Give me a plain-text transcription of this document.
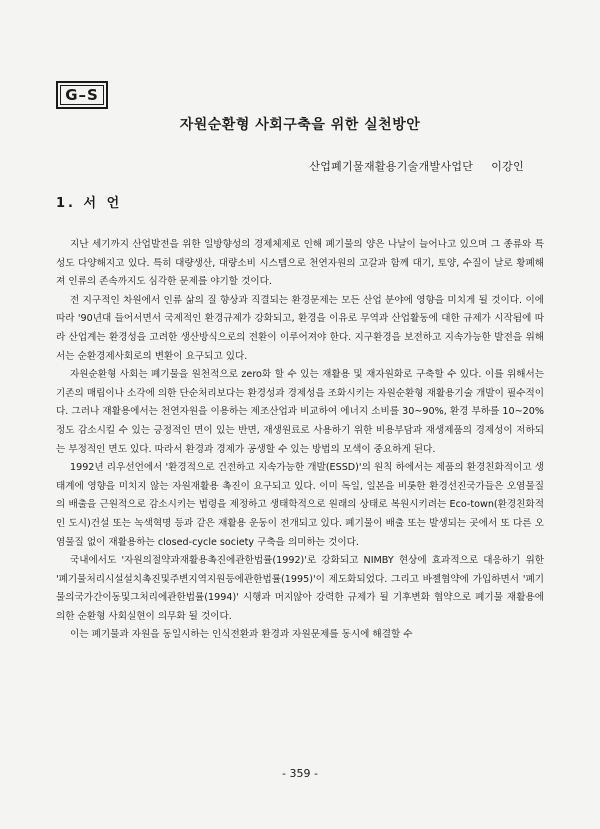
G–S
자원순환형 사회구축을 위한 실천방안
산업폐기물재활용기술개발사업단 이강인
1. 서 언

지난 세기까지 산업발전을 위한 일방향성의 경제체제로 인해 폐기물의 양은 나날이 늘어나고 있으며 그 종류와 특성도 다양해지고 있다. 특히 대량생산, 대량소비 시스템으로 천연자원의 고갈과 함께 대기, 토양, 수질이 날로 황폐해져 인류의 존속까지도 심각한 문제를 야기할 것이다.

전 지구적인 차원에서 인류 삶의 질 향상과 직결되는 환경문제는 모든 산업 분야에 영향을 미치게 될 것이다. 이에 따라 '90년대 들어서면서 국제적인 환경규제가 강화되고, 환경을 이유로 무역과 산업활동에 대한 규제가 시작됨에 따라 산업계는 환경성을 고려한 생산방식으로의 전환이 이루어져야 한다. 지구환경을 보전하고 지속가능한 발전을 위해서는 순환경제사회로의 변환이 요구되고 있다.

자원순환형 사회는 폐기물을 원천적으로 zero화 할 수 있는 재활용 및 재자원화로 구축할 수 있다. 이를 위해서는 기존의 매립이나 소각에 의한 단순처리보다는 환경성과 경제성을 조화시키는 자원순환형 재활용기술 개발이 필수적이다. 그러나 재활용에서는 천연자원을 이용하는 제조산업과 비교하여 에너지 소비를 30~90%, 환경 부하를 10~20% 정도 감소시킬 수 있는 긍정적인 면이 있는 반면, 재생원료로 사용하기 위한 비용부담과 재생제품의 경제성이 저하되는 부정적인 면도 있다. 따라서 환경과 경제가 공생할 수 있는 방법의 모색이 중요하게 된다.

1992년 리우선언에서 '환경적으로 건전하고 지속가능한 개발(ESSD)'의 원칙 하에서는 제품의 환경친화적이고 생태계에 영향을 미치지 않는 자원재활용 촉진이 요구되고 있다. 이미 독일, 일본을 비롯한 환경선진국가들은 오염물질의 배출을 근원적으로 감소시키는 법령을 제정하고 생태학적으로 원래의 상태로 복원시키려는 Eco-town(환경친화적인 도시)건설 또는 녹색혁명 등과 같은 재활용 운동이 전개되고 있다. 폐기물이 배출 또는 발생되는 곳에서 또 다른 오염물질 없이 재활용하는 closed-cycle society 구축을 의미하는 것이다.

국내에서도 '자원의절약과재활용촉진에관한법률(1992)'로 강화되고 NIMBY 현상에 효과적으로 대응하기 위한 '폐기물처리시설설치촉진및주변지역지원등에관한법률(1995)'이 제도화되었다. 그리고 바젤협약에 가입하면서 '폐기물의국가간이동및그처리에관한법률(1994)' 시행과 머지않아 강력한 규제가 될 기후변화 협약으로 폐기물 재활용에 의한 순환형 사회실현이 의무화 될 것이다.

이는 폐기물과 자원을 동일시하는 인식전환과 환경과 자원문제를 동시에 해결할 수

- 359 -
